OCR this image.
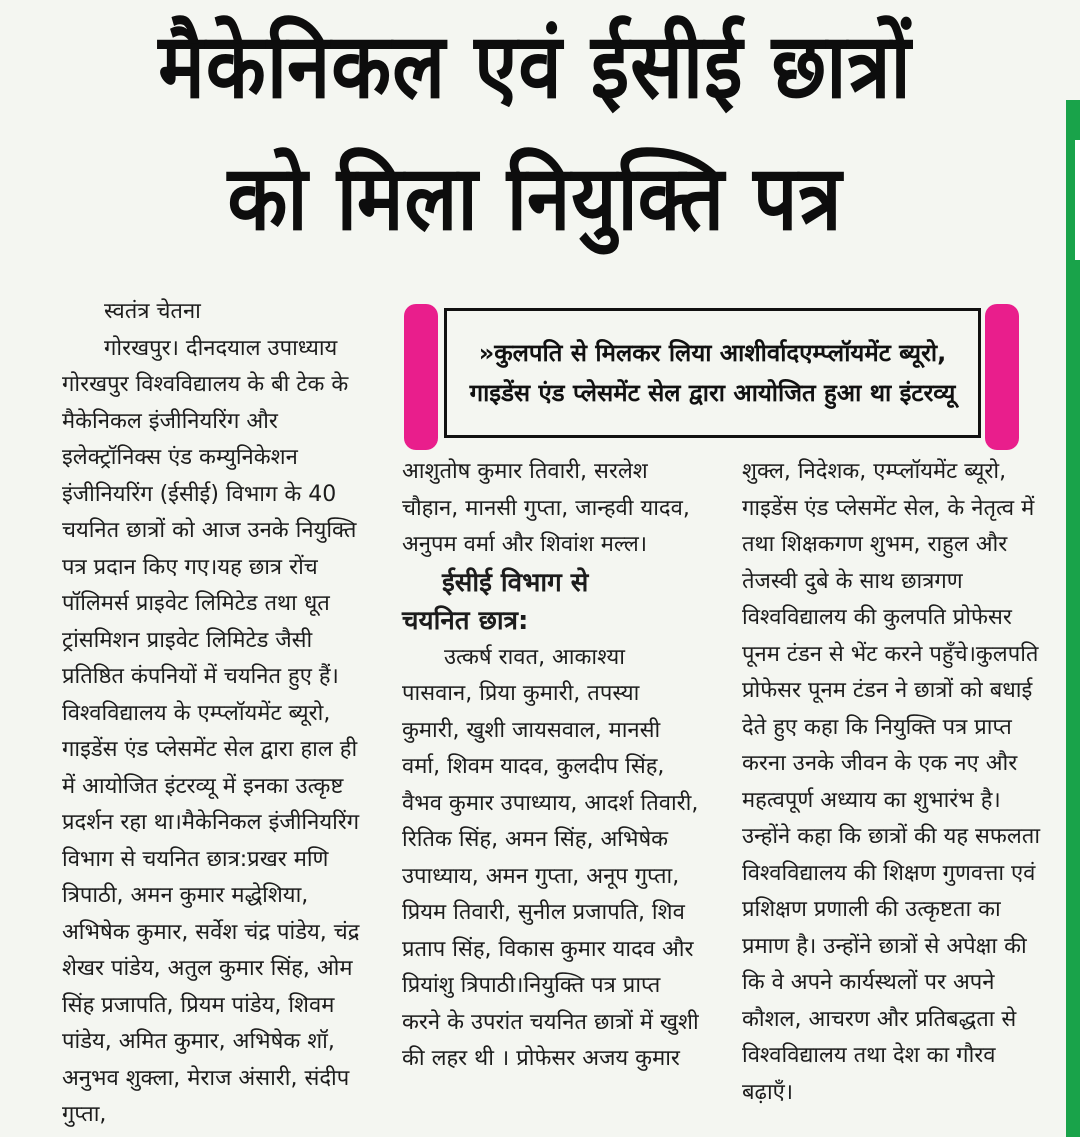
मैकेनिकल एवं ईसीई छात्रों
को मिला नियुक्ति पत्र

स्वतंत्र चेतना

गोरखपुर। दीनदयाल उपाध्याय गोरखपुर विश्वविद्यालय के बी टेक के मैकेनिकल इंजीनियरिंग और इलेक्ट्रॉनिक्स एंड कम्युनिकेशन इंजीनियरिंग (ईसीई) विभाग के 40 चयनित छात्रों को आज उनके नियुक्ति पत्र प्रदान किए गए।यह छात्र रोंच पॉलिमर्स प्राइवेट लिमिटेड तथा धूत ट्रांसमिशन प्राइवेट लिमिटेड जैसी प्रतिष्ठित कंपनियों में चयनित हुए हैं। विश्वविद्यालय के एम्प्लॉयमेंट ब्यूरो, गाइडेंस एंड प्लेसमेंट सेल द्वारा हाल ही में आयोजित इंटरव्यू में इनका उत्कृष्ट प्रदर्शन रहा था।मैकेनिकल इंजीनियरिंग विभाग से चयनित छात्र:प्रखर मणि त्रिपाठी, अमन कुमार मद्धेशिया, अभिषेक कुमार, सर्वेश चंद्र पांडेय, चंद्र शेखर पांडेय, अतुल कुमार सिंह, ओम सिंह प्रजापति, प्रियम पांडेय, शिवम पांडेय, अमित कुमार, अभिषेक शॉ, अनुभव शुक्ला, मेराज अंसारी, संदीप गुप्ता,

»कुलपति से मिलकर लिया आशीर्वादएम्प्लॉयमेंट ब्यूरो, गाइडेंस एंड प्लेसमेंट सेल द्वारा आयोजित हुआ था इंटरव्यू

आशुतोष कुमार तिवारी, सरलेश चौहान, मानसी गुप्ता, जान्हवी यादव, अनुपम वर्मा और शिवांश मल्ल।

ईसीई विभाग से

चयनित छात्र:

उत्कर्ष रावत, आकाश्या पासवान, प्रिया कुमारी, तपस्या कुमारी, खुशी जायसवाल, मानसी वर्मा, शिवम यादव, कुलदीप सिंह, वैभव कुमार उपाध्याय, आदर्श तिवारी, रितिक सिंह, अमन सिंह, अभिषेक उपाध्याय, अमन गुप्ता, अनूप गुप्ता, प्रियम तिवारी, सुनील प्रजापति, शिव प्रताप सिंह, विकास कुमार यादव और प्रियांशु त्रिपाठी।नियुक्ति पत्र प्राप्त करने के उपरांत चयनित छात्रों में खुशी की लहर थी । प्रोफेसर अजय कुमार

शुक्ल, निदेशक, एम्प्लॉयमेंट ब्यूरो, गाइडेंस एंड प्लेसमेंट सेल, के नेतृत्व में तथा शिक्षकगण शुभम, राहुल और तेजस्वी दुबे के साथ छात्रगण विश्वविद्यालय की कुलपति प्रोफेसर पूनम टंडन से भेंट करने पहुँचे।कुलपति प्रोफेसर पूनम टंडन ने छात्रों को बधाई देते हुए कहा कि नियुक्ति पत्र प्राप्त करना उनके जीवन के एक नए और महत्वपूर्ण अध्याय का शुभारंभ है। उन्होंने कहा कि छात्रों की यह सफलता विश्वविद्यालय की शिक्षण गुणवत्ता एवं प्रशिक्षण प्रणाली की उत्कृष्टता का प्रमाण है। उन्होंने छात्रों से अपेक्षा की कि वे अपने कार्यस्थलों पर अपने कौशल, आचरण और प्रतिबद्धता से विश्वविद्यालय तथा देश का गौरव बढ़ाएँ।
